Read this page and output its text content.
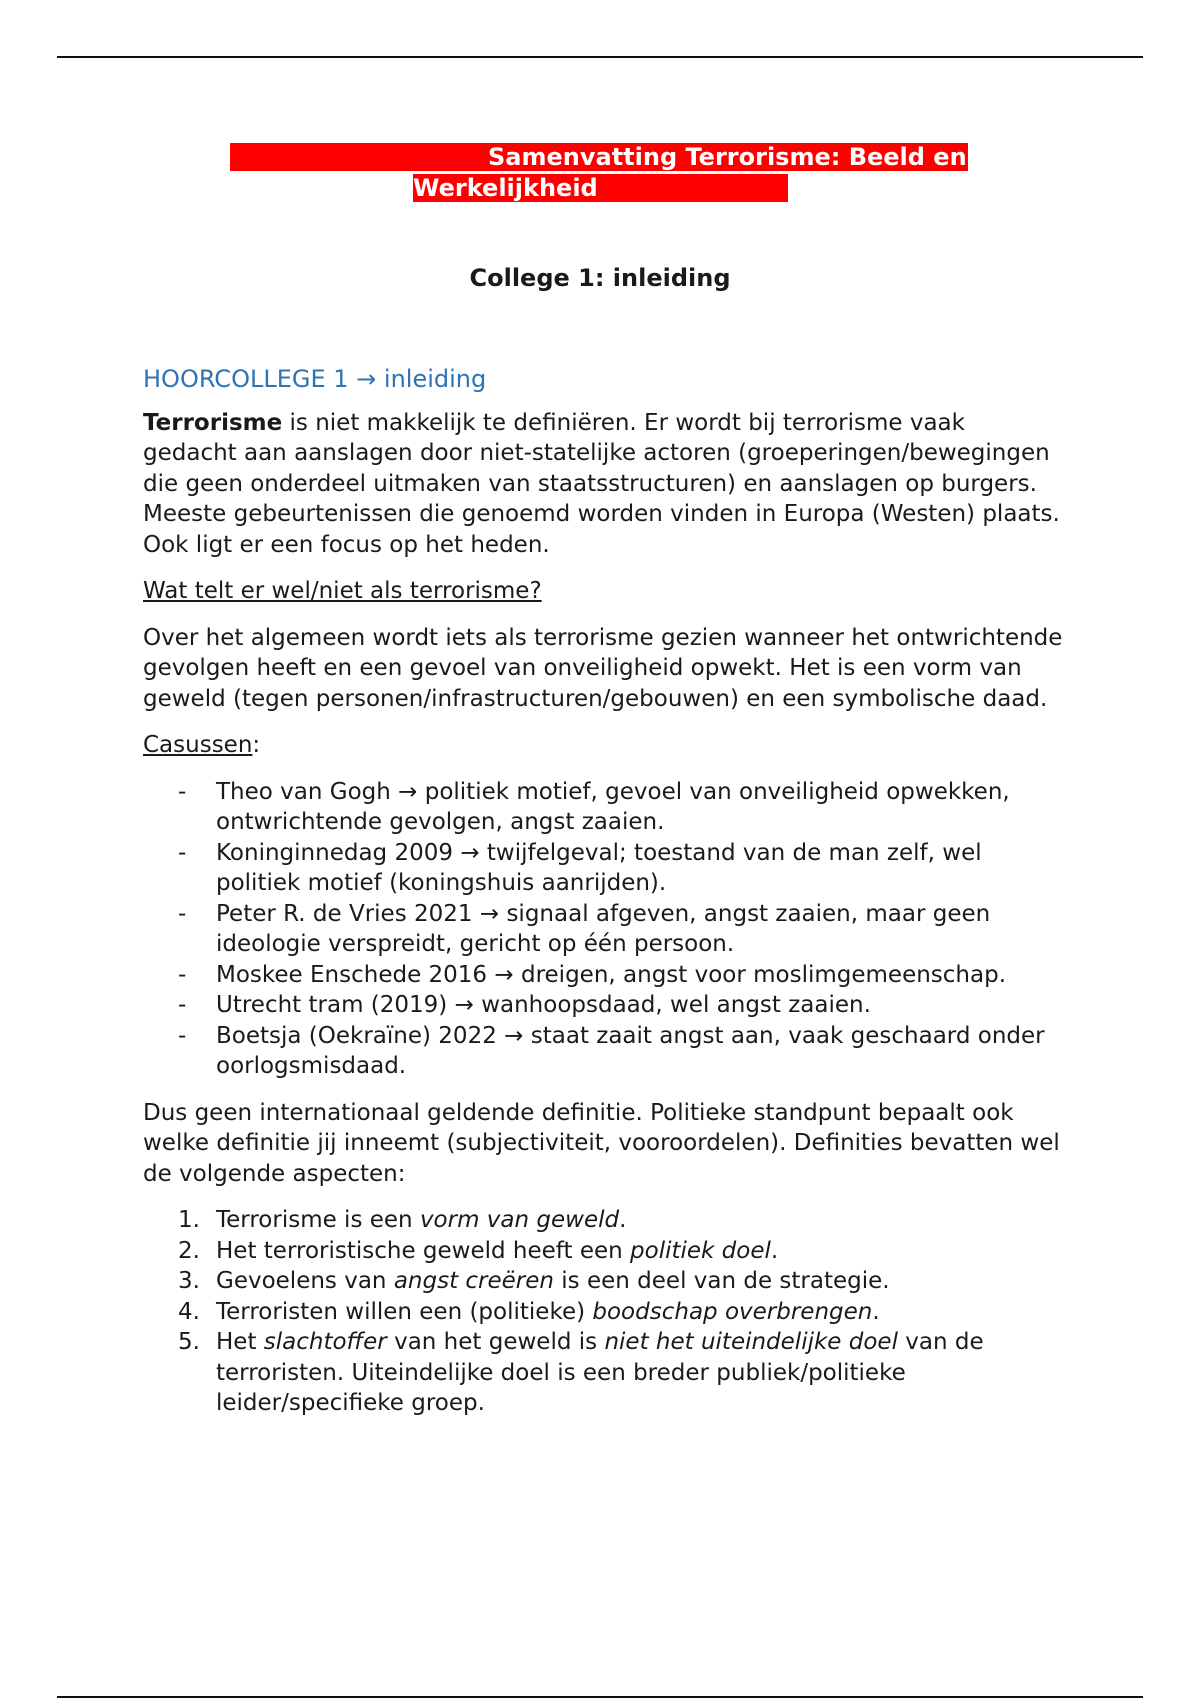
Samenvatting Terrorisme: Beeld en
Werkelijkheid
College 1: inleiding
HOORCOLLEGE 1 → inleiding

Terrorisme is niet makkelijk te definiëren. Er wordt bij terrorisme vaak gedacht aan aanslagen door niet-statelijke actoren (groeperingen/bewegingen die geen onderdeel uitmaken van staatsstructuren) en aanslagen op burgers. Meeste gebeurtenissen die genoemd worden vinden in Europa (Westen) plaats. Ook ligt er een focus op het heden.

Wat telt er wel/niet als terrorisme?

Over het algemeen wordt iets als terrorisme gezien wanneer het ontwrichtende gevolgen heeft en een gevoel van onveiligheid opwekt. Het is een vorm van geweld (tegen personen/infrastructuren/gebouwen) en een symbolische daad.

Casussen:

- Theo van Gogh → politiek motief, gevoel van onveiligheid opwekken, ontwrichtende gevolgen, angst zaaien.
- Koninginnedag 2009 → twijfelgeval; toestand van de man zelf, wel politiek motief (koningshuis aanrijden).
- Peter R. de Vries 2021 → signaal afgeven, angst zaaien, maar geen ideologie verspreidt, gericht op één persoon.
- Moskee Enschede 2016 → dreigen, angst voor moslimgemeenschap.
- Utrecht tram (2019) → wanhoopsdaad, wel angst zaaien.
- Boetsja (Oekraïne) 2022 → staat zaait angst aan, vaak geschaard onder oorlogsmisdaad.

Dus geen internationaal geldende definitie. Politieke standpunt bepaalt ook welke definitie jij inneemt (subjectiviteit, vooroordelen). Definities bevatten wel de volgende aspecten:

1. Terrorisme is een vorm van geweld.
2. Het terroristische geweld heeft een politiek doel.
3. Gevoelens van angst creëren is een deel van de strategie.
4. Terroristen willen een (politieke) boodschap overbrengen.
5. Het slachtoffer van het geweld is niet het uiteindelijke doel van de terroristen. Uiteindelijke doel is een breder publiek/politieke leider/specifieke groep.
